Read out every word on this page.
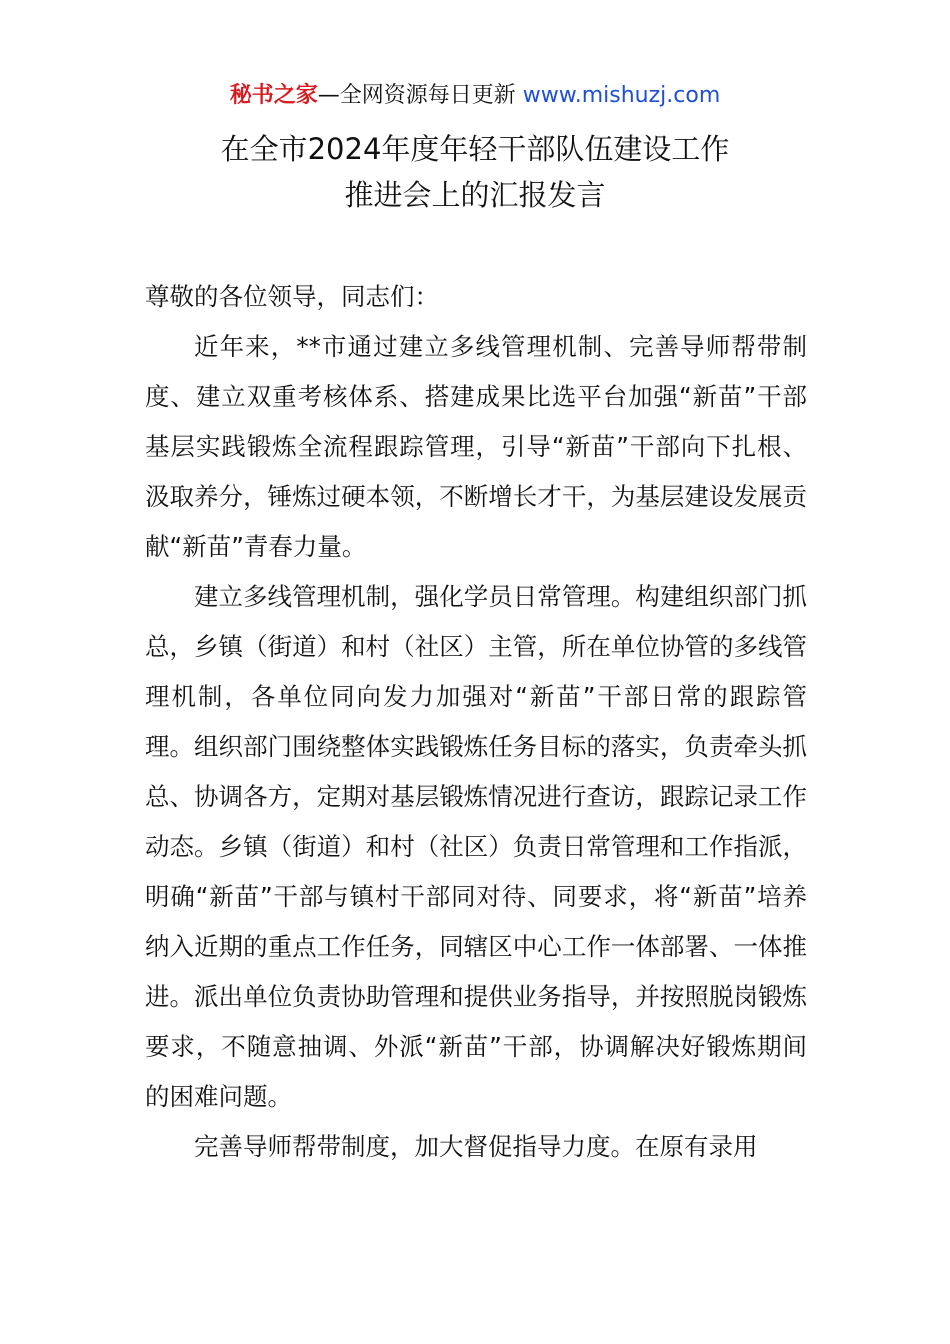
秘书之家—全网资源每日更新 www.mishuzj.com
在全市2024年度年轻干部队伍建设工作
推进会上的汇报发言

尊敬的各位领导，同志们：

近年来，**市通过建立多线管理机制、完善导师帮带制度、建立双重考核体系、搭建成果比选平台加强“新苗”干部基层实践锻炼全流程跟踪管理，引导“新苗”干部向下扎根、汲取养分，锤炼过硬本领，不断增长才干，为基层建设发展贡献“新苗”青春力量。

建立多线管理机制，强化学员日常管理。构建组织部门抓总，乡镇（街道）和村（社区）主管，所在单位协管的多线管理机制，各单位同向发力加强对“新苗”干部日常的跟踪管理。组织部门围绕整体实践锻炼任务目标的落实，负责牵头抓总、协调各方，定期对基层锻炼情况进行查访，跟踪记录工作动态。乡镇（街道）和村（社区）负责日常管理和工作指派，明确“新苗”干部与镇村干部同对待、同要求，将“新苗”培养纳入近期的重点工作任务，同辖区中心工作一体部署、一体推进。派出单位负责协助管理和提供业务指导，并按照脱岗锻炼要求，不随意抽调、外派“新苗”干部，协调解决好锻炼期间的困难问题。

完善导师帮带制度，加大督促指导力度。在原有录用
